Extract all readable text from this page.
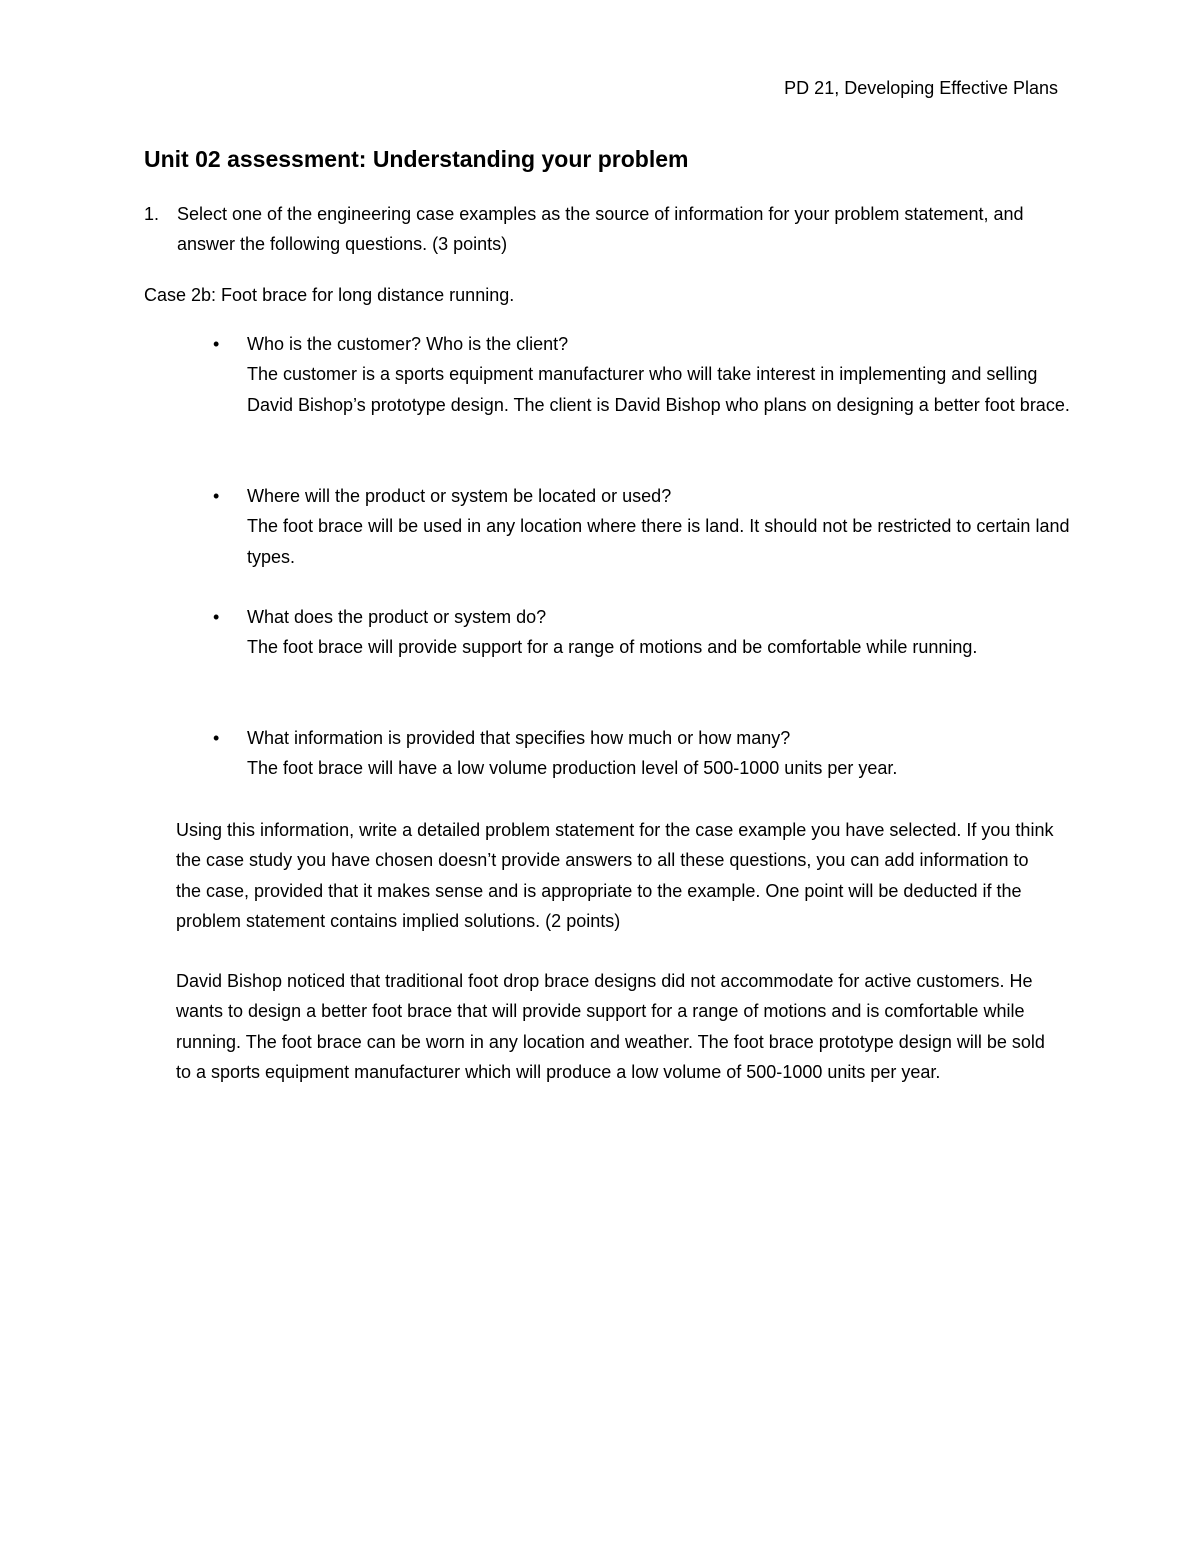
PD 21, Developing Effective Plans
Unit 02 assessment: Understanding your problem
1. Select one of the engineering case examples as the source of information for your problem statement, and answer the following questions. (3 points)
Case 2b: Foot brace for long distance running.
• Who is the customer? Who is the client?

The customer is a sports equipment manufacturer who will take interest in implementing and selling David Bishop’s prototype design. The client is David Bishop who plans on designing a better foot brace.

• Where will the product or system be located or used?

The foot brace will be used in any location where there is land. It should not be restricted to certain land types.

• What does the product or system do?

The foot brace will provide support for a range of motions and be comfortable while running.

• What information is provided that specifies how much or how many?

The foot brace will have a low volume production level of 500-1000 units per year.

Using this information, write a detailed problem statement for the case example you have selected. If you think the case study you have chosen doesn’t provide answers to all these questions, you can add information to the case, provided that it makes sense and is appropriate to the example. One point will be deducted if the problem statement contains implied solutions. (2 points)

David Bishop noticed that traditional foot drop brace designs did not accommodate for active customers. He wants to design a better foot brace that will provide support for a range of motions and is comfortable while running. The foot brace can be worn in any location and weather. The foot brace prototype design will be sold to a sports equipment manufacturer which will produce a low volume of 500-1000 units per year.
